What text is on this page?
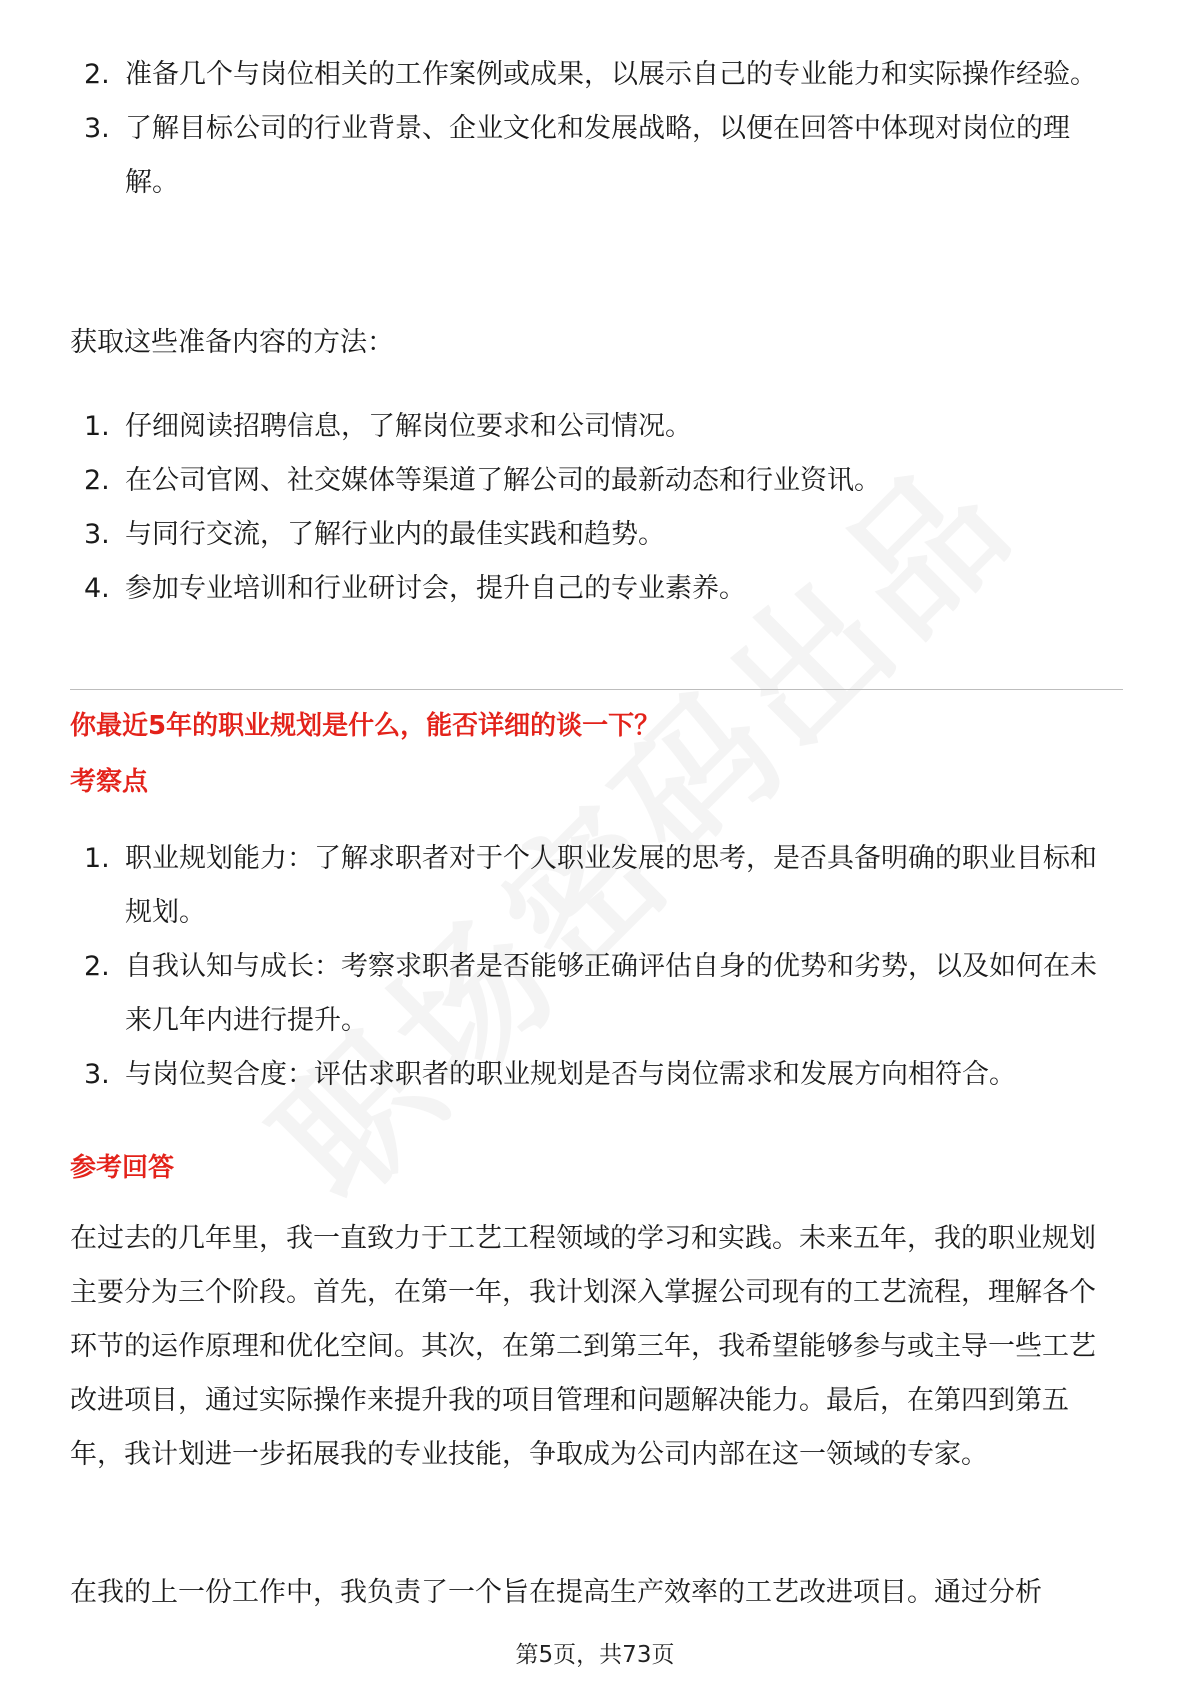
2. 准备几个与岗位相关的工作案例或成果，以展示自己的专业能力和实际操作经验。
3. 了解目标公司的行业背景、企业文化和发展战略，以便在回答中体现对岗位的理解。

获取这些准备内容的方法：

1. 仔细阅读招聘信息，了解岗位要求和公司情况。
2. 在公司官网、社交媒体等渠道了解公司的最新动态和行业资讯。
3. 与同行交流，了解行业内的最佳实践和趋势。
4. 参加专业培训和行业研讨会，提升自己的专业素养。
你最近5年的职业规划是什么，能否详细的谈一下？
考察点
1. 职业规划能力：了解求职者对于个人职业发展的思考，是否具备明确的职业目标和规划。
2. 自我认知与成长：考察求职者是否能够正确评估自身的优势和劣势，以及如何在未来几年内进行提升。
3. 与岗位契合度：评估求职者的职业规划是否与岗位需求和发展方向相符合。
参考回答

在过去的几年里，我一直致力于工艺工程领域的学习和实践。未来五年，我的职业规划主要分为三个阶段。首先，在第一年，我计划深入掌握公司现有的工艺流程，理解各个环节的运作原理和优化空间。其次，在第二到第三年，我希望能够参与或主导一些工艺改进项目，通过实际操作来提升我的项目管理和问题解决能力。最后，在第四到第五年，我计划进一步拓展我的专业技能，争取成为公司内部在这一领域的专家。

在我的上一份工作中，我负责了一个旨在提高生产效率的工艺改进项目。通过分析

第5页，共73页
